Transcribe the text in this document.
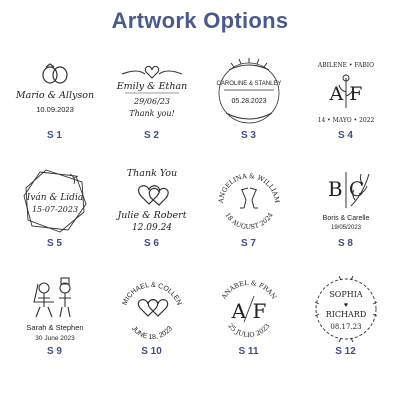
Artwork Options
Mario & Allyson
10.09.2023
S 1
Emily & Ethan
29/06/23
Thank you!
S 2
CAROLINE & STANLEY
05.28.2023
S 3
ABILENE • FABIO
A F
14 • MAYO • 2022
S 4
Iván & Lidia
15-07-2023
S 5
Thank You
Julie & Robert
12.09.24
S 6
ANGELINA & WILLIAM
18 AUGUST 2024
S 7
B C
Boris & Carelle
19/05/2023
S 8
Sarah & Stephen
30 June 2023
S 9
MICHAEL & COLLEN
JUNE 18, 2023
S 10
ANABEL & FRAN
A F
25 JULIO 2023
S 11
SOPHIA
♥
RICHARD
08.17.23
S 12
